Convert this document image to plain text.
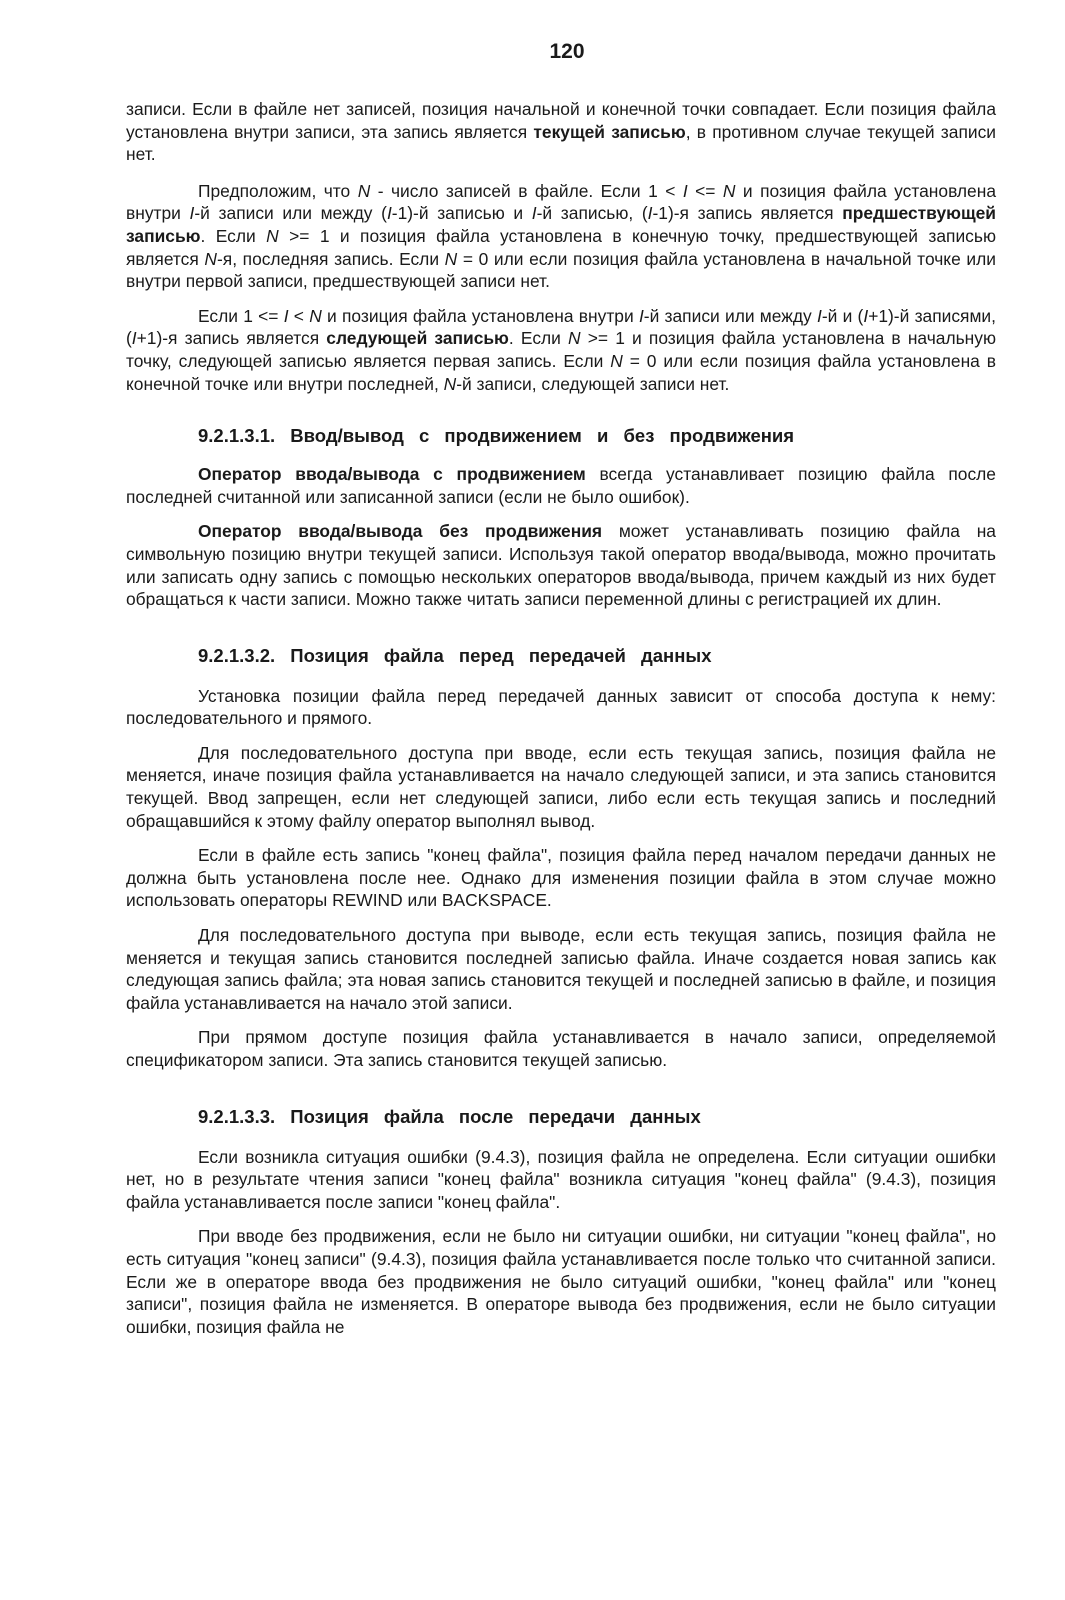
120

записи. Если в файле нет записей, позиция начальной и конечной точки совпадает. Если позиция файла установлена внутри записи, эта запись является текущей записью, в противном случае текущей записи нет.

Предположим, что N - число записей в файле. Если 1 < I <= N и позиция файла установлена внутри I-й записи или между (I-1)-й записью и I-й записью, (I-1)-я запись является предшествующей записью. Если N >= 1 и позиция файла установлена в конечную точку, предшествующей записью является N-я, последняя запись. Если N = 0 или если позиция файла установлена в начальной точке или внутри первой записи, предшествующей записи нет.

Если 1 <= I < N и позиция файла установлена внутри I-й записи или между I-й и (I+1)-й записями, (I+1)-я запись является следующей записью. Если N >= 1 и позиция файла установлена в начальную точку, следующей записью является первая запись. Если N = 0 или если позиция файла установлена в конечной точке или внутри последней, N-й записи, следующей записи нет.

9.2.1.3.1. Ввод/вывод с продвижением и без продвижения

Оператор ввода/вывода с продвижением всегда устанавливает позицию файла после последней считанной или записанной записи (если не было ошибок).

Оператор ввода/вывода без продвижения может устанавливать позицию файла на символьную позицию внутри текущей записи. Используя такой оператор ввода/вывода, можно прочитать или записать одну запись с помощью нескольких операторов ввода/вывода, причем каждый из них будет обращаться к части записи. Можно также читать записи переменной длины с регистрацией их длин.

9.2.1.3.2. Позиция файла перед передачей данных

Установка позиции файла перед передачей данных зависит от способа доступа к нему: последовательного и прямого.

Для последовательного доступа при вводе, если есть текущая запись, позиция файла не меняется, иначе позиция файла устанавливается на начало следующей записи, и эта запись становится текущей. Ввод запрещен, если нет следующей записи, либо если есть текущая запись и последний обращавшийся к этому файлу оператор выполнял вывод.

Если в файле есть запись "конец файла", позиция файла перед началом передачи данных не должна быть установлена после нее. Однако для изменения позиции файла в этом случае можно использовать операторы REWIND или BACKSPACE.

Для последовательного доступа при выводе, если есть текущая запись, позиция файла не меняется и текущая запись становится последней записью файла. Иначе создается новая запись как следующая запись файла; эта новая запись становится текущей и последней записью в файле, и позиция файла устанавливается на начало этой записи.

При прямом доступе позиция файла устанавливается в начало записи, определяемой спецификатором записи. Эта запись становится текущей записью.

9.2.1.3.3. Позиция файла после передачи данных

Если возникла ситуация ошибки (9.4.3), позиция файла не определена. Если ситуации ошибки нет, но в результате чтения записи "конец файла" возникла ситуация "конец файла" (9.4.3), позиция файла устанавливается после записи "конец файла".

При вводе без продвижения, если не было ни ситуации ошибки, ни ситуации "конец файла", но есть ситуация "конец записи" (9.4.3), позиция файла устанавливается после только что считанной записи. Если же в операторе ввода без продвижения не было ситуаций ошибки, "конец файла" или "конец записи", позиция файла не изменяется. В операторе вывода без продвижения, если не было ситуации ошибки, позиция файла не
